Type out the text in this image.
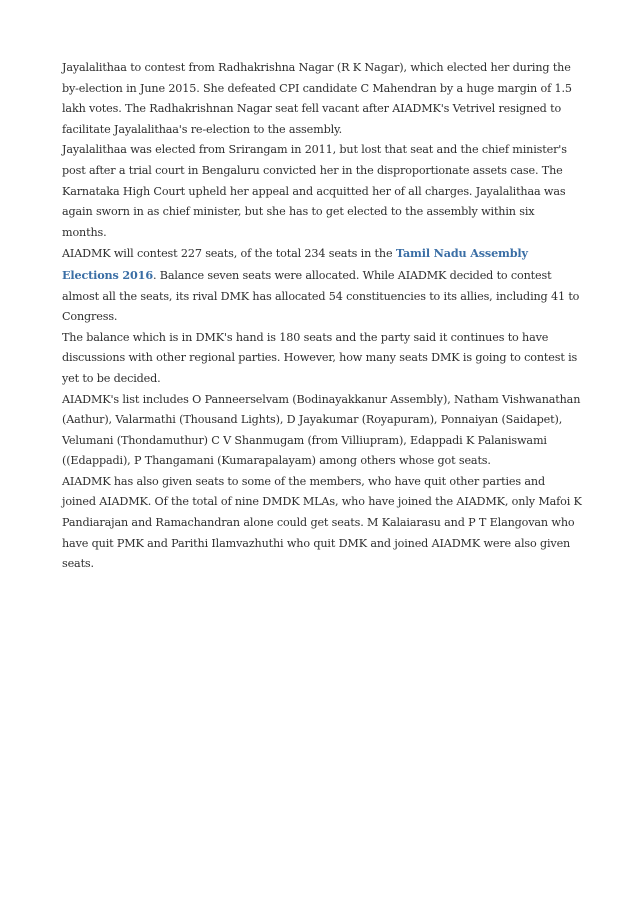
Jayalalithaa to contest from Radhakrishna Nagar (R K Nagar), which elected her during the by-election in June 2015. She defeated CPI candidate C Mahendran by a huge margin of 1.5 lakh votes. The Radhakrishnan Nagar seat fell vacant after AIADMK's Vetrivel resigned to facilitate Jayalalithaa's re-election to the assembly.

Jayalalithaa was elected from Srirangam in 2011, but lost that seat and the chief minister's post after a trial court in Bengaluru convicted her in the disproportionate assets case. The Karnataka High Court upheld her appeal and acquitted her of all charges. Jayalalithaa was again sworn in as chief minister, but she has to get elected to the assembly within six months.

AIADMK will contest 227 seats, of the total 234 seats in the Tamil Nadu Assembly Elections 2016. Balance seven seats were allocated. While AIADMK decided to contest almost all the seats, its rival DMK has allocated 54 constituencies to its allies, including 41 to Congress.

The balance which is in DMK's hand is 180 seats and the party said it continues to have discussions with other regional parties. However, how many seats DMK is going to contest is yet to be decided.

AIADMK's list includes O Panneerselvam (Bodinayakkanur Assembly), Natham Vishwanathan (Aathur), Valarmathi (Thousand Lights), D Jayakumar (Royapuram), Ponnaiyan (Saidapet), Velumani (Thondamuthur) C V Shanmugam (from Villiupram), Edappadi K Palaniswami ((Edappadi), P Thangamani (Kumarapalayam) among others whose got seats.

AIADMK has also given seats to some of the members, who have quit other parties and joined AIADMK. Of the total of nine DMDK MLAs, who have joined the AIADMK, only Mafoi K Pandiarajan and Ramachandran alone could get seats. M Kalaiarasu and P T Elangovan who have quit PMK and Parithi Ilamvazhuthi who quit DMK and joined AIADMK were also given seats.
